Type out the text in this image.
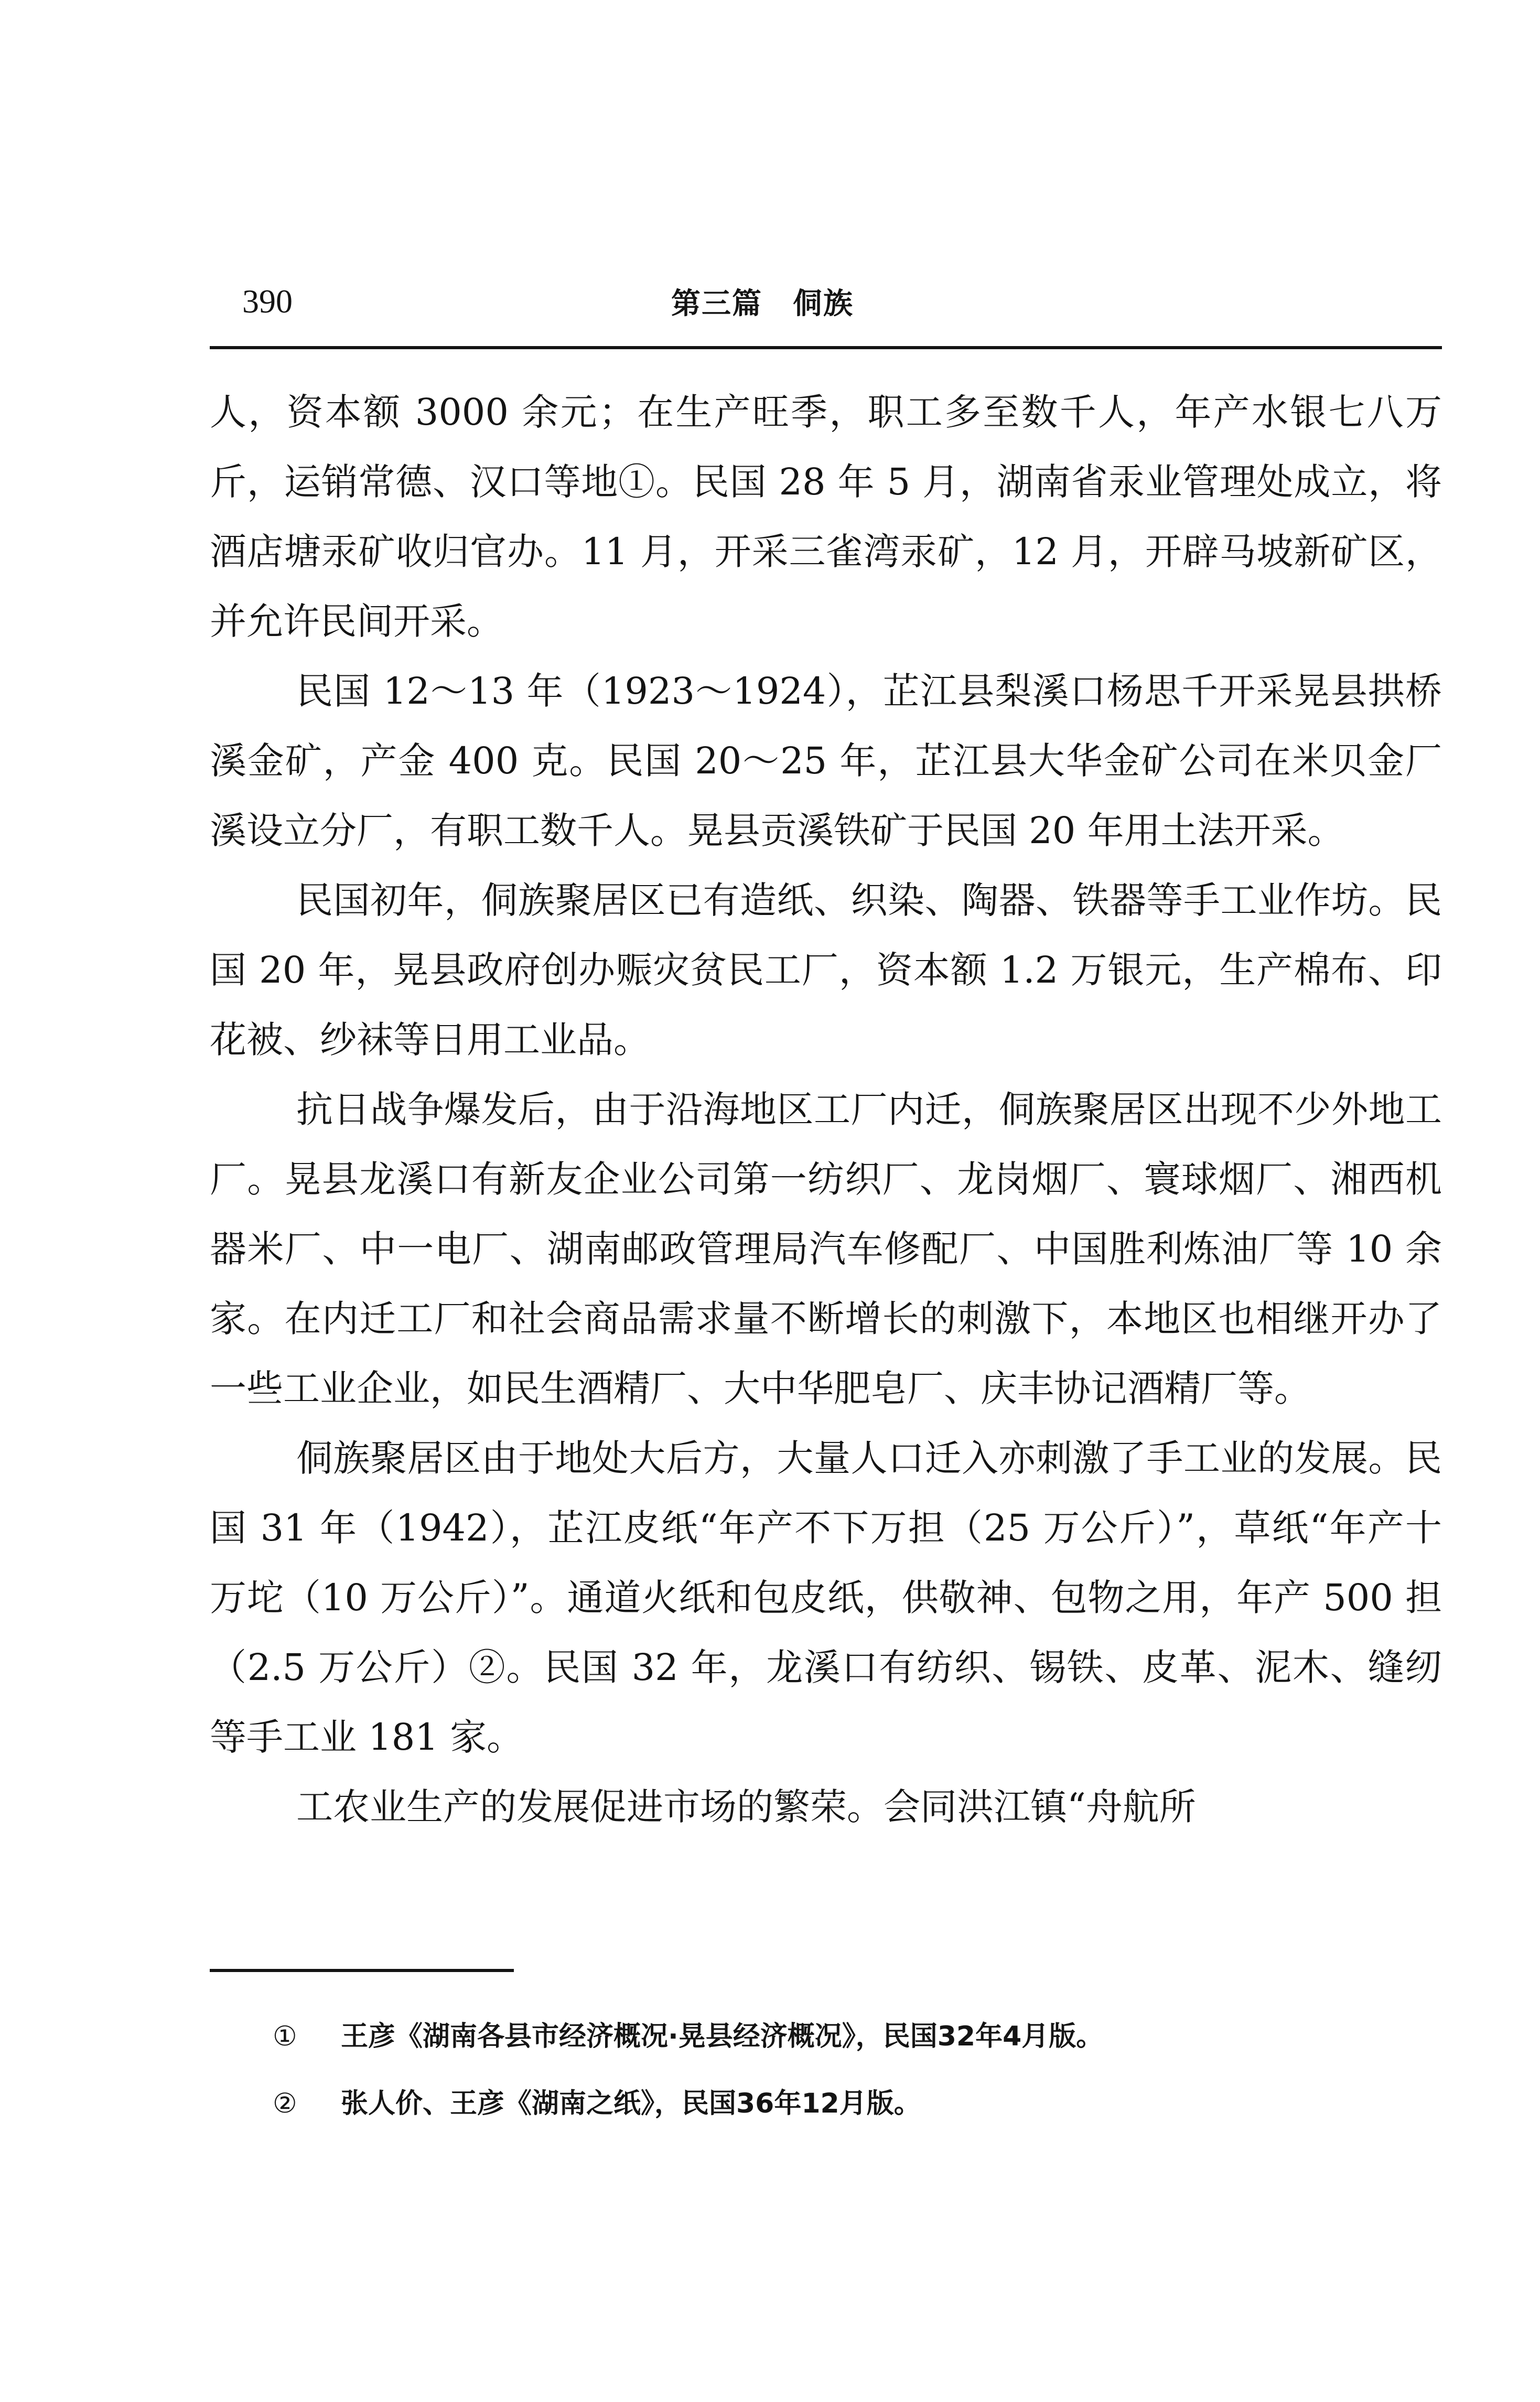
390	第三篇　侗族

人，资本额 3000 余元；在生产旺季，职工多至数千人，年产水银七八万斤，运销常德、汉口等地①。民国 28 年 5 月，湖南省汞业管理处成立，将酒店塘汞矿收归官办。11 月，开采三雀湾汞矿，12 月，开辟马坡新矿区，并允许民间开采。

民国 12～13 年（1923～1924），芷江县梨溪口杨思千开采晃县拱桥溪金矿，产金 400 克。民国 20～25 年，芷江县大华金矿公司在米贝金厂溪设立分厂，有职工数千人。晃县贡溪铁矿于民国 20 年用土法开采。

民国初年，侗族聚居区已有造纸、织染、陶器、铁器等手工业作坊。民国 20 年，晃县政府创办赈灾贫民工厂，资本额 1.2 万银元，生产棉布、印花被、纱袜等日用工业品。

抗日战争爆发后，由于沿海地区工厂内迁，侗族聚居区出现不少外地工厂。晃县龙溪口有新友企业公司第一纺织厂、龙岗烟厂、寰球烟厂、湘西机器米厂、中一电厂、湖南邮政管理局汽车修配厂、中国胜利炼油厂等 10 余家。在内迁工厂和社会商品需求量不断增长的刺激下，本地区也相继开办了一些工业企业，如民生酒精厂、大中华肥皂厂、庆丰协记酒精厂等。

侗族聚居区由于地处大后方，大量人口迁入亦刺激了手工业的发展。民国 31 年（1942），芷江皮纸“年产不下万担（25 万公斤）”，草纸“年产十万坨（10 万公斤）”。通道火纸和包皮纸，供敬神、包物之用，年产 500 担（2.5 万公斤）②。民国 32 年，龙溪口有纺织、锡铁、皮革、泥木、缝纫等手工业 181 家。

工农业生产的发展促进市场的繁荣。会同洪江镇“舟航所

① 王彦《湖南各县市经济概况·晃县经济概况》，民国32年4月版。
② 张人价、王彦《湖南之纸》，民国36年12月版。
